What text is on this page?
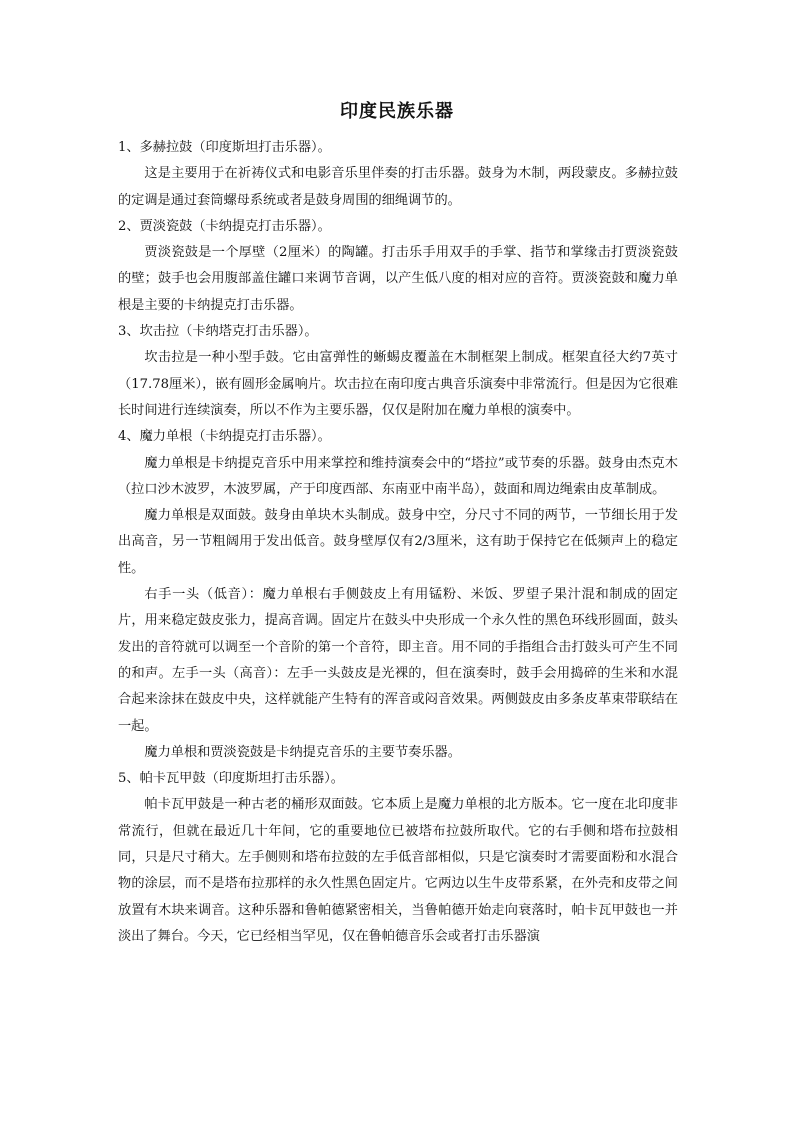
印度民族乐器

1、多赫拉鼓（印度斯坦打击乐器）。

这是主要用于在祈祷仪式和电影音乐里伴奏的打击乐器。鼓身为木制，两段蒙皮。多赫拉鼓的定调是通过套筒螺母系统或者是鼓身周围的细绳调节的。

2、贾淡瓷鼓（卡纳提克打击乐器）。

贾淡瓷鼓是一个厚壁（2厘米）的陶罐。打击乐手用双手的手掌、指节和掌缘击打贾淡瓷鼓的壁；鼓手也会用腹部盖住罐口来调节音调，以产生低八度的相对应的音符。贾淡瓷鼓和魔力单根是主要的卡纳提克打击乐器。

3、坎击拉（卡纳塔克打击乐器）。

坎击拉是一种小型手鼓。它由富弹性的蜥蜴皮覆盖在木制框架上制成。框架直径大约7英寸（17.78厘米），嵌有圆形金属响片。坎击拉在南印度古典音乐演奏中非常流行。但是因为它很难长时间进行连续演奏，所以不作为主要乐器，仅仅是附加在魔力单根的演奏中。

4、魔力单根（卡纳提克打击乐器）。

魔力单根是卡纳提克音乐中用来掌控和维持演奏会中的“塔拉”或节奏的乐器。鼓身由杰克木（拉口沙木波罗，木波罗属，产于印度西部、东南亚中南半岛），鼓面和周边绳索由皮革制成。

魔力单根是双面鼓。鼓身由单块木头制成。鼓身中空，分尺寸不同的两节，一节细长用于发出高音，另一节粗阔用于发出低音。鼓身壁厚仅有2/3厘米，这有助于保持它在低频声上的稳定性。

右手一头（低音）：魔力单根右手侧鼓皮上有用锰粉、米饭、罗望子果汁混和制成的固定片，用来稳定鼓皮张力，提高音调。固定片在鼓头中央形成一个永久性的黑色环线形圆面，鼓头发出的音符就可以调至一个音阶的第一个音符，即主音。用不同的手指组合击打鼓头可产生不同的和声。左手一头（高音）：左手一头鼓皮是光裸的，但在演奏时，鼓手会用捣碎的生米和水混合起来涂抹在鼓皮中央，这样就能产生特有的浑音或闷音效果。两侧鼓皮由多条皮革束带联结在一起。

魔力单根和贾淡瓷鼓是卡纳提克音乐的主要节奏乐器。

5、帕卡瓦甲鼓（印度斯坦打击乐器）。

帕卡瓦甲鼓是一种古老的桶形双面鼓。它本质上是魔力单根的北方版本。它一度在北印度非常流行，但就在最近几十年间，它的重要地位已被塔布拉鼓所取代。它的右手侧和塔布拉鼓相同，只是尺寸稍大。左手侧则和塔布拉鼓的左手低音部相似，只是它演奏时才需要面粉和水混合物的涂层，而不是塔布拉那样的永久性黑色固定片。它两边以生牛皮带系紧，在外壳和皮带之间放置有木块来调音。这种乐器和鲁帕德紧密相关，当鲁帕德开始走向衰落时，帕卡瓦甲鼓也一并淡出了舞台。今天，它已经相当罕见，仅在鲁帕德音乐会或者打击乐器演
